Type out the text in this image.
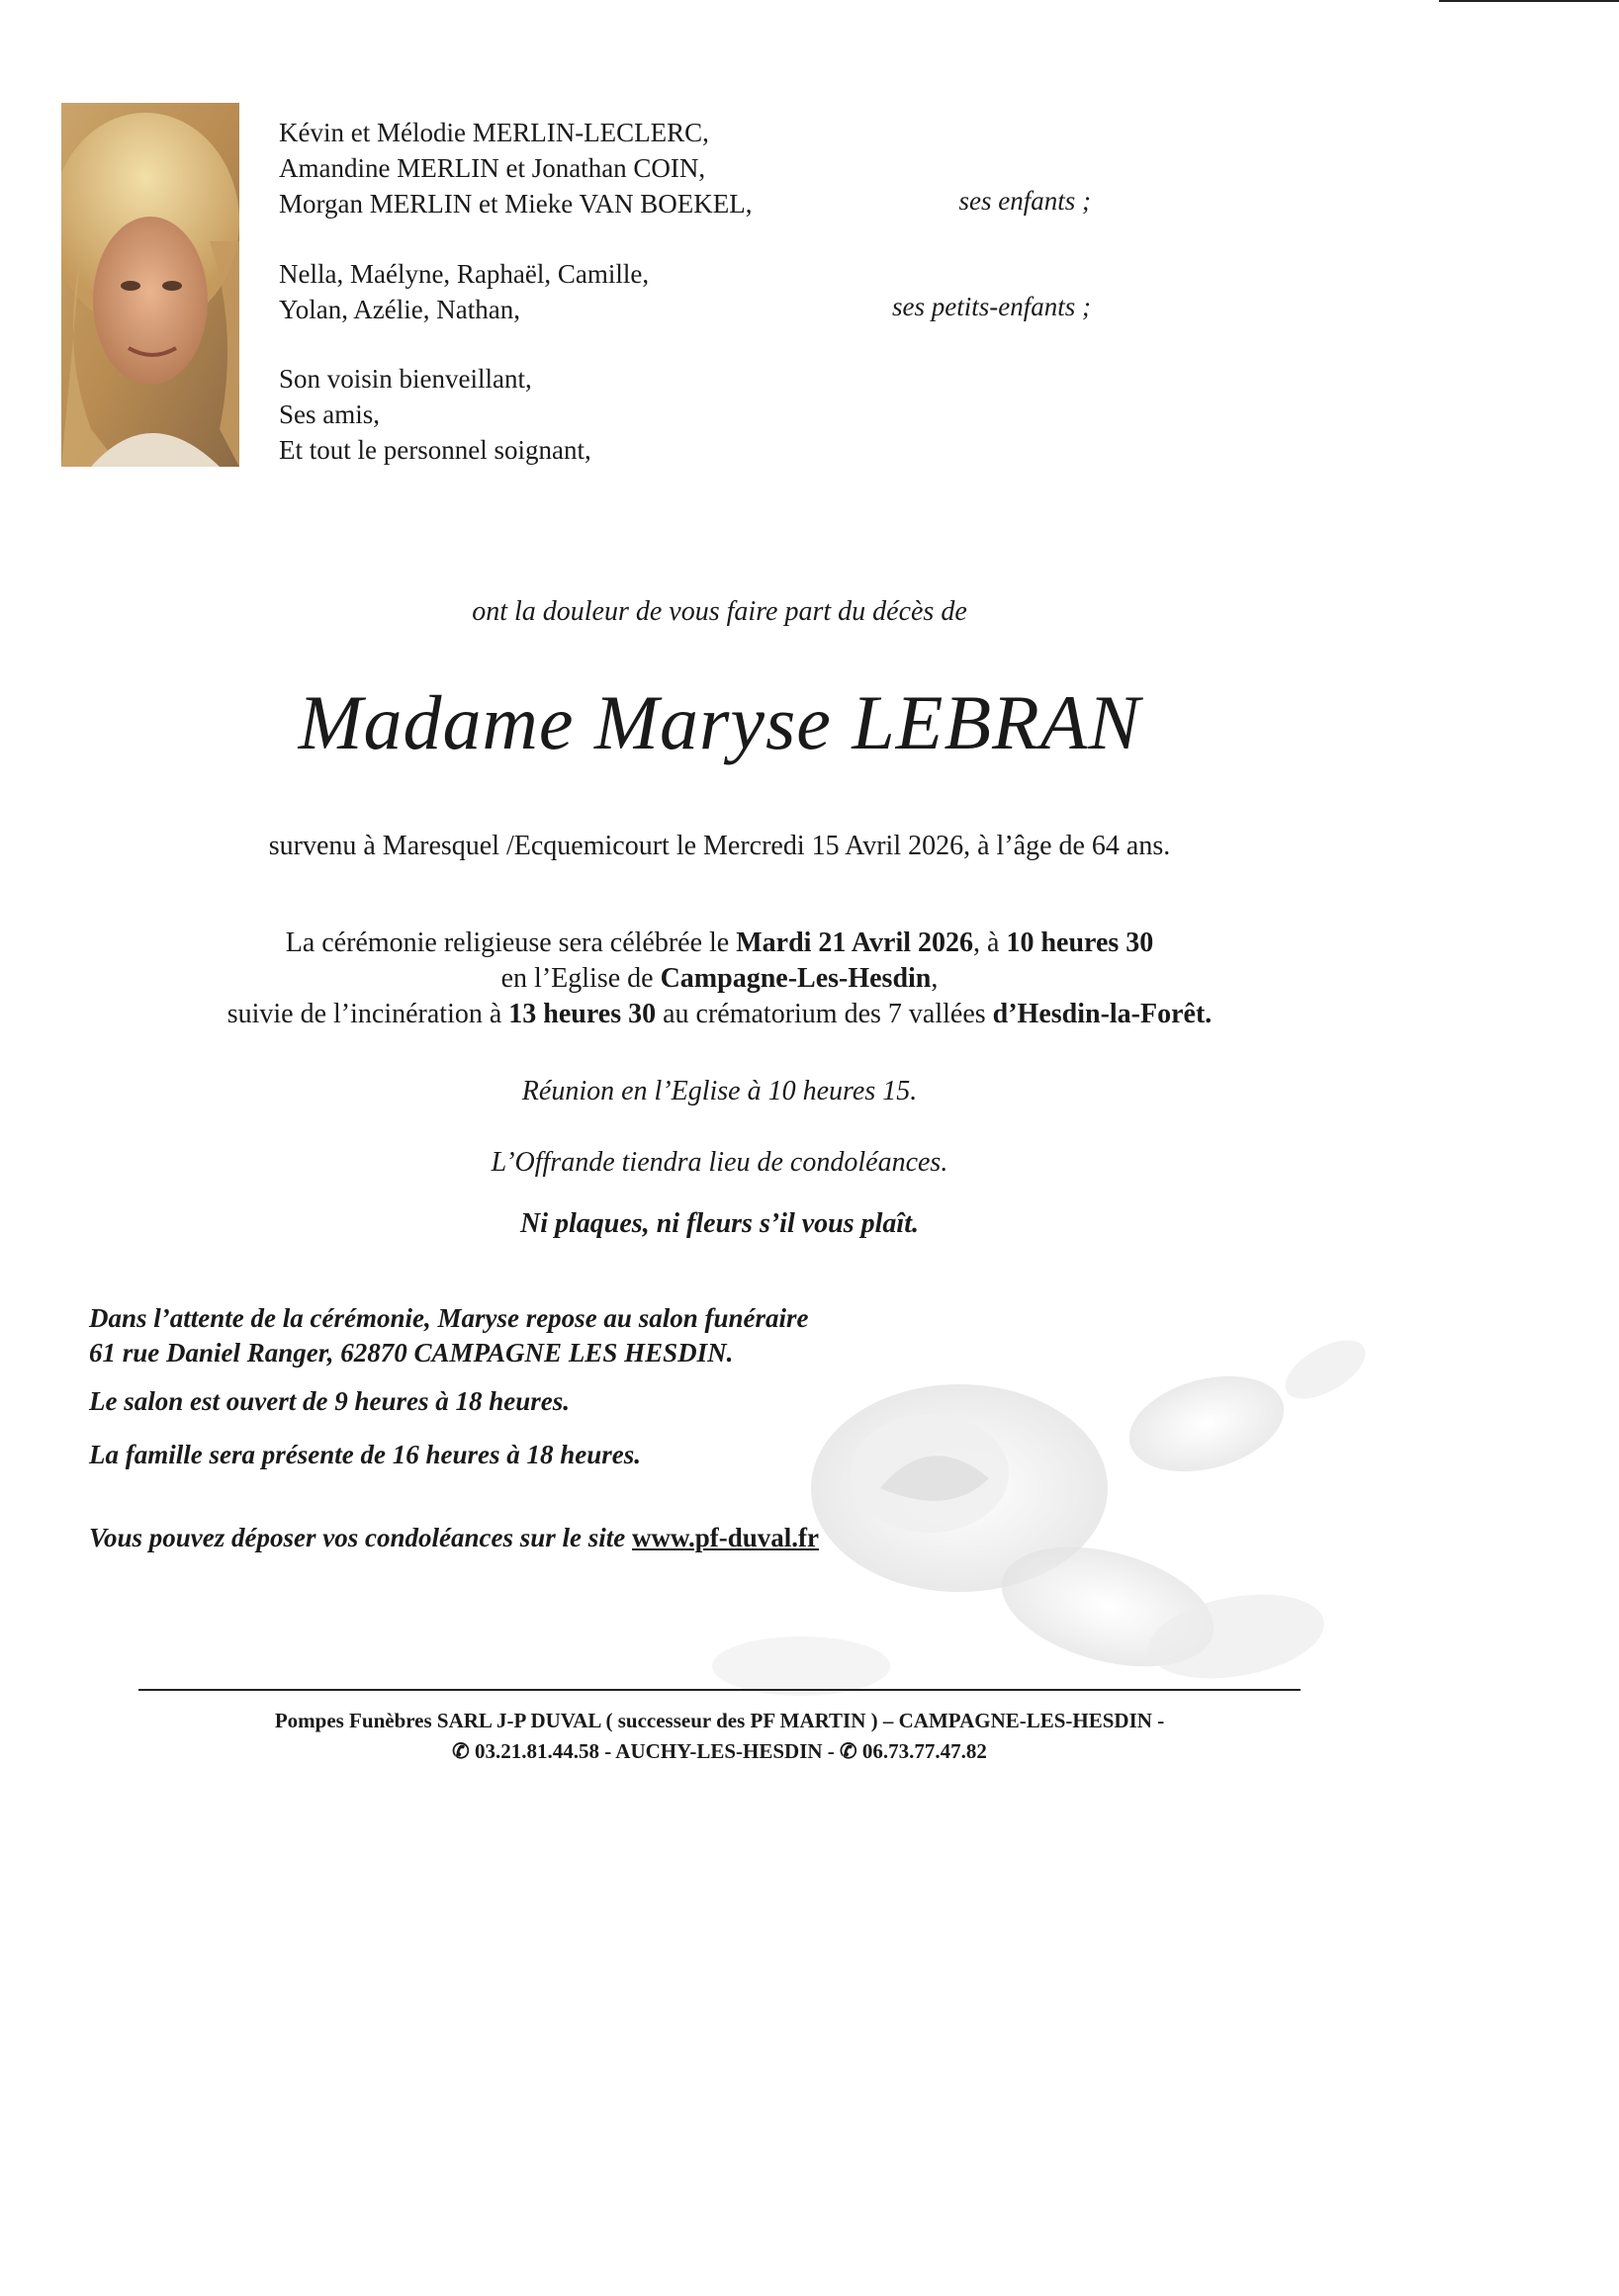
Kévin et Mélodie MERLIN-LECLERC,
Amandine MERLIN et Jonathan COIN,
Morgan MERLIN et Mieke VAN BOEKEL,	ses enfants ;
Nella, Maélyne, Raphaël, Camille,
Yolan, Azélie, Nathan,	ses petits-enfants ;
Son voisin bienveillant,
Ses amis,
Et tout le personnel soignant,
ont la douleur de vous faire part du décès de
Madame Maryse LEBRAN
survenu à Maresquel /Ecquemicourt le Mercredi 15 Avril 2026, à l’âge de 64 ans.
La cérémonie religieuse sera célébrée le Mardi 21 Avril 2026, à 10 heures 30
en l’Eglise de Campagne-Les-Hesdin,
suivie de l’incinération à 13 heures 30 au crématorium des 7 vallées d’Hesdin-la-Forêt.
Réunion en l’Eglise à 10 heures 15.
L’Offrande tiendra lieu de condoléances.
Ni plaques, ni fleurs s’il vous plaît.
Dans l’attente de la cérémonie, Maryse repose au salon funéraire
61 rue Daniel Ranger, 62870 CAMPAGNE LES HESDIN.
Le salon est ouvert de 9 heures à 18 heures.
La famille sera présente de 16 heures à 18 heures.
Vous pouvez déposer vos condoléances sur le site www.pf-duval.fr
Pompes Funèbres SARL J-P DUVAL ( successeur des PF MARTIN ) – CAMPAGNE-LES-HESDIN -
✆ 03.21.81.44.58 - AUCHY-LES-HESDIN - ✆ 06.73.77.47.82
